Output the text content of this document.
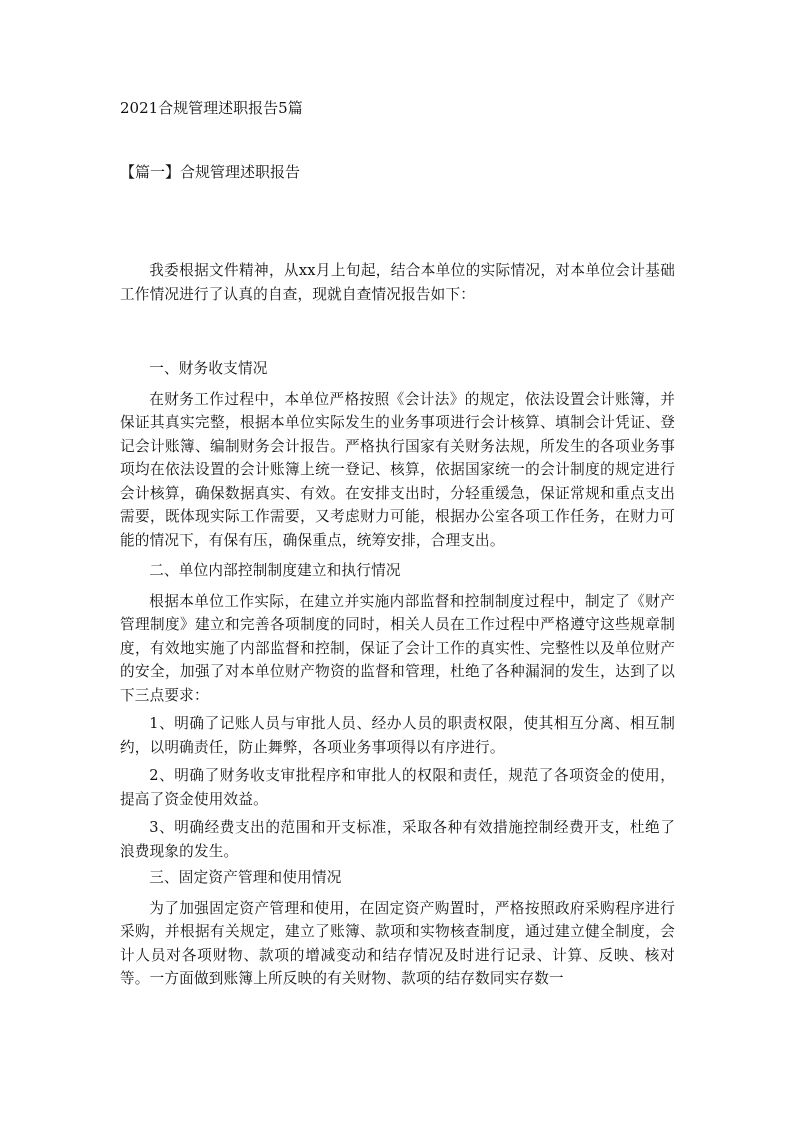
2021合规管理述职报告5篇
【篇一】合规管理述职报告

我委根据文件精神，从xx月上旬起，结合本单位的实际情况，对本单位会计基础工作情况进行了认真的自查，现就自查情况报告如下：

一、财务收支情况

在财务工作过程中，本单位严格按照《会计法》的规定，依法设置会计账簿，并保证其真实完整，根据本单位实际发生的业务事项进行会计核算、填制会计凭证、登记会计账簿、编制财务会计报告。严格执行国家有关财务法规，所发生的各项业务事项均在依法设置的会计账簿上统一登记、核算，依据国家统一的会计制度的规定进行会计核算，确保数据真实、有效。在安排支出时，分轻重缓急，保证常规和重点支出需要，既体现实际工作需要，又考虑财力可能，根据办公室各项工作任务，在财力可能的情况下，有保有压，确保重点，统筹安排，合理支出。

二、单位内部控制制度建立和执行情况

根据本单位工作实际，在建立并实施内部监督和控制制度过程中，制定了《财产管理制度》建立和完善各项制度的同时，相关人员在工作过程中严格遵守这些规章制度，有效地实施了内部监督和控制，保证了会计工作的真实性、完整性以及单位财产的安全，加强了对本单位财产物资的监督和管理，杜绝了各种漏洞的发生，达到了以下三点要求：

1、明确了记账人员与审批人员、经办人员的职责权限，使其相互分离、相互制约，以明确责任，防止舞弊，各项业务事项得以有序进行。

2、明确了财务收支审批程序和审批人的权限和责任，规范了各项资金的使用，提高了资金使用效益。

3、明确经费支出的范围和开支标准，采取各种有效措施控制经费开支，杜绝了浪费现象的发生。

三、固定资产管理和使用情况

为了加强固定资产管理和使用，在固定资产购置时，严格按照政府采购程序进行采购，并根据有关规定，建立了账簿、款项和实物核查制度，通过建立健全制度，会计人员对各项财物、款项的增减变动和结存情况及时进行记录、计算、反映、核对等。一方面做到账簿上所反映的有关财物、款项的结存数同实存数一
